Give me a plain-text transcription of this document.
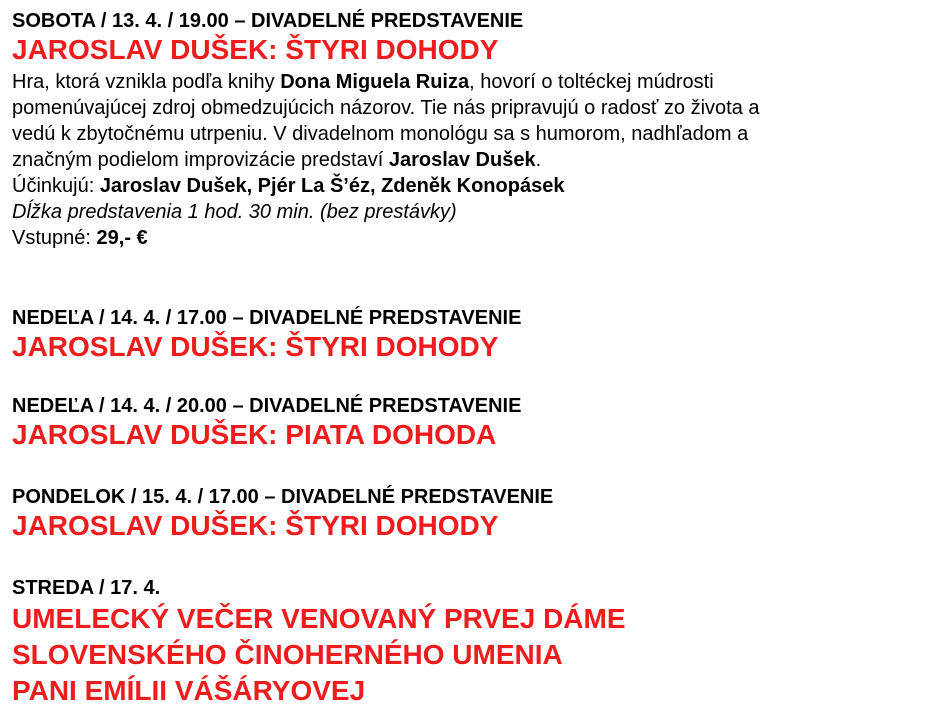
SOBOTA / 13. 4. / 19.00 – DIVADELNÉ PREDSTAVENIE
JAROSLAV DUŠEK: ŠTYRI DOHODY
Hra, ktorá vznikla podľa knihy Dona Miguela Ruiza, hovorí o toltéckej múdrosti
pomenúvajúcej zdroj obmedzujúcich názorov. Tie nás pripravujú o radosť zo života a
vedú k zbytočnému utrpeniu. V divadelnom monológu sa s humorom, nadhľadom a
značným podielom improvizácie predstaví Jaroslav Dušek.
Účinkujú: Jaroslav Dušek, Pjér La Š’éz, Zdeněk Konopásek
Dĺžka predstavenia 1 hod. 30 min. (bez prestávky)
Vstupné: 29,- €
NEDEĽA / 14. 4. / 17.00 – DIVADELNÉ PREDSTAVENIE
JAROSLAV DUŠEK: ŠTYRI DOHODY
NEDEĽA / 14. 4. / 20.00 – DIVADELNÉ PREDSTAVENIE
JAROSLAV DUŠEK: PIATA DOHODA
PONDELOK / 15. 4. / 17.00 – DIVADELNÉ PREDSTAVENIE
JAROSLAV DUŠEK: ŠTYRI DOHODY
STREDA / 17. 4.
UMELECKÝ VEČER VENOVANÝ PRVEJ DÁME
SLOVENSKÉHO ČINOHERNÉHO UMENIA
PANI EMÍLII VÁŠÁRYOVEJ
